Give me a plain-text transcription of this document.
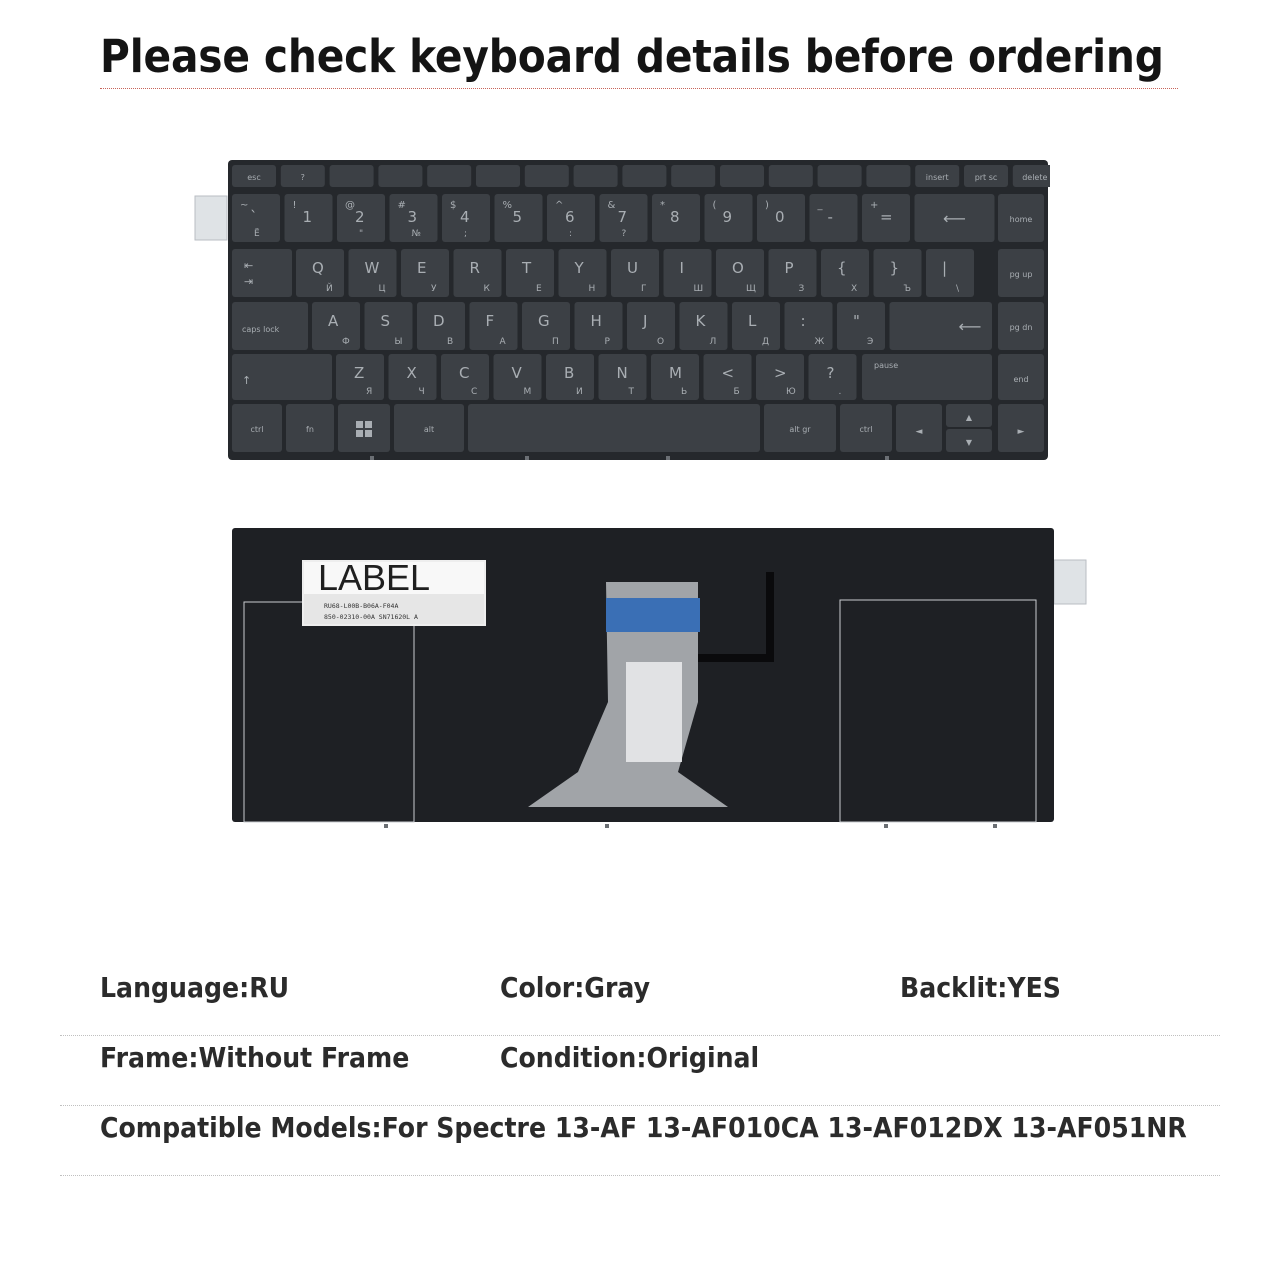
Please check keyboard details before ordering
esc	?	insert	prt sc	delete
~
`
Ё
!
1
@
2
"
#
3
№
$
4
;
%
5
^
6
:
&
7
?
*
8
(
9
)
0
_
-
+
=	⟵	home
⇤
⇥
Q
Й
W
Ц
E
У
R
К
T
Е
Y
Н
U
Г
I
Ш
O
Щ
P
З
{
Х
}
Ъ
|
\
pg up
caps lock	A
Ф
S
Ы
D
В
F
А
G
П
H
Р
J
О
K
Л
L
Д
:
Ж
"
Э
⟵	pg dn
↑	Z
Я
X
Ч
C
С
V
М
B
И
N
Т
M
Ь
<
Б
>
Ю
?
.
pause
end
ctrl	fn	alt	alt gr	ctrl	◄
▲
▼
►
LABEL
RU68-L00B-B06A-F04A
850-02310-00A SN71620L A
Language : RU	Color : Gray	Backlit : YES
Frame : Without Frame	Condition : Original
Compatible Models : For Spectre 13-AF 13-AF010CA 13-AF012DX 13-AF051NR
